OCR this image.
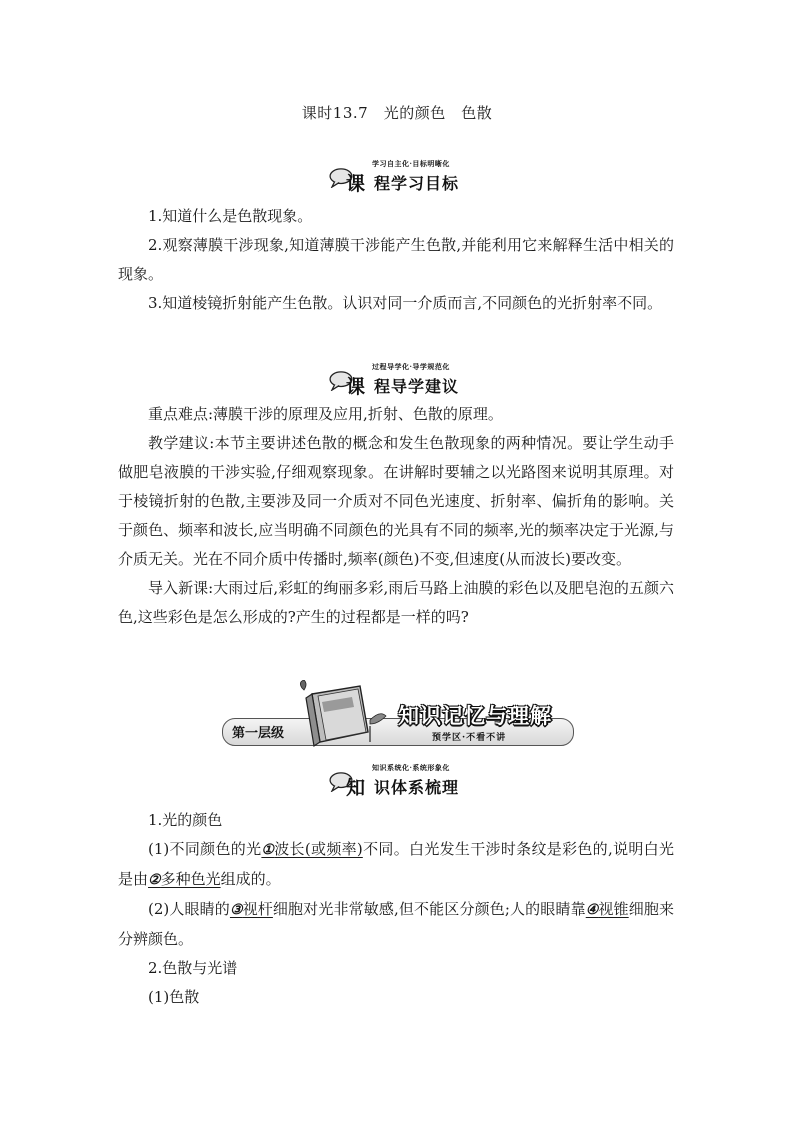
课时13.7　光的颜色　色散
学习自主化·目标明晰化
课 程学习目标

1.知道什么是色散现象。

2.观察薄膜干涉现象,知道薄膜干涉能产生色散,并能利用它来解释生活中相关的现象。

3.知道棱镜折射能产生色散。认识对同一介质而言,不同颜色的光折射率不同。

过程导学化·导学规范化
课 程导学建议

重点难点:薄膜干涉的原理及应用,折射、色散的原理。

教学建议:本节主要讲述色散的概念和发生色散现象的两种情况。要让学生动手做肥皂液膜的干涉实验,仔细观察现象。在讲解时要辅之以光路图来说明其原理。对于棱镜折射的色散,主要涉及同一介质对不同色光速度、折射率、偏折角的影响。关于颜色、频率和波长,应当明确不同颜色的光具有不同的频率,光的频率决定于光源,与介质无关。光在不同介质中传播时,频率(颜色)不变,但速度(从而波长)要改变。

导入新课:大雨过后,彩虹的绚丽多彩,雨后马路上油膜的彩色以及肥皂泡的五颜六色,这些彩色是怎么形成的?产生的过程都是一样的吗?

第一层级
知识记忆与理解
预学区·不看不讲
知识系统化·系统形象化
知 识体系梳理

1.光的颜色

(1)不同颜色的光①波长(或频率)不同。白光发生干涉时条纹是彩色的,说明白光是由②多种色光组成的。

(2)人眼睛的③视杆细胞对光非常敏感,但不能区分颜色;人的眼睛靠④视锥细胞来分辨颜色。

2.色散与光谱

(1)色散
